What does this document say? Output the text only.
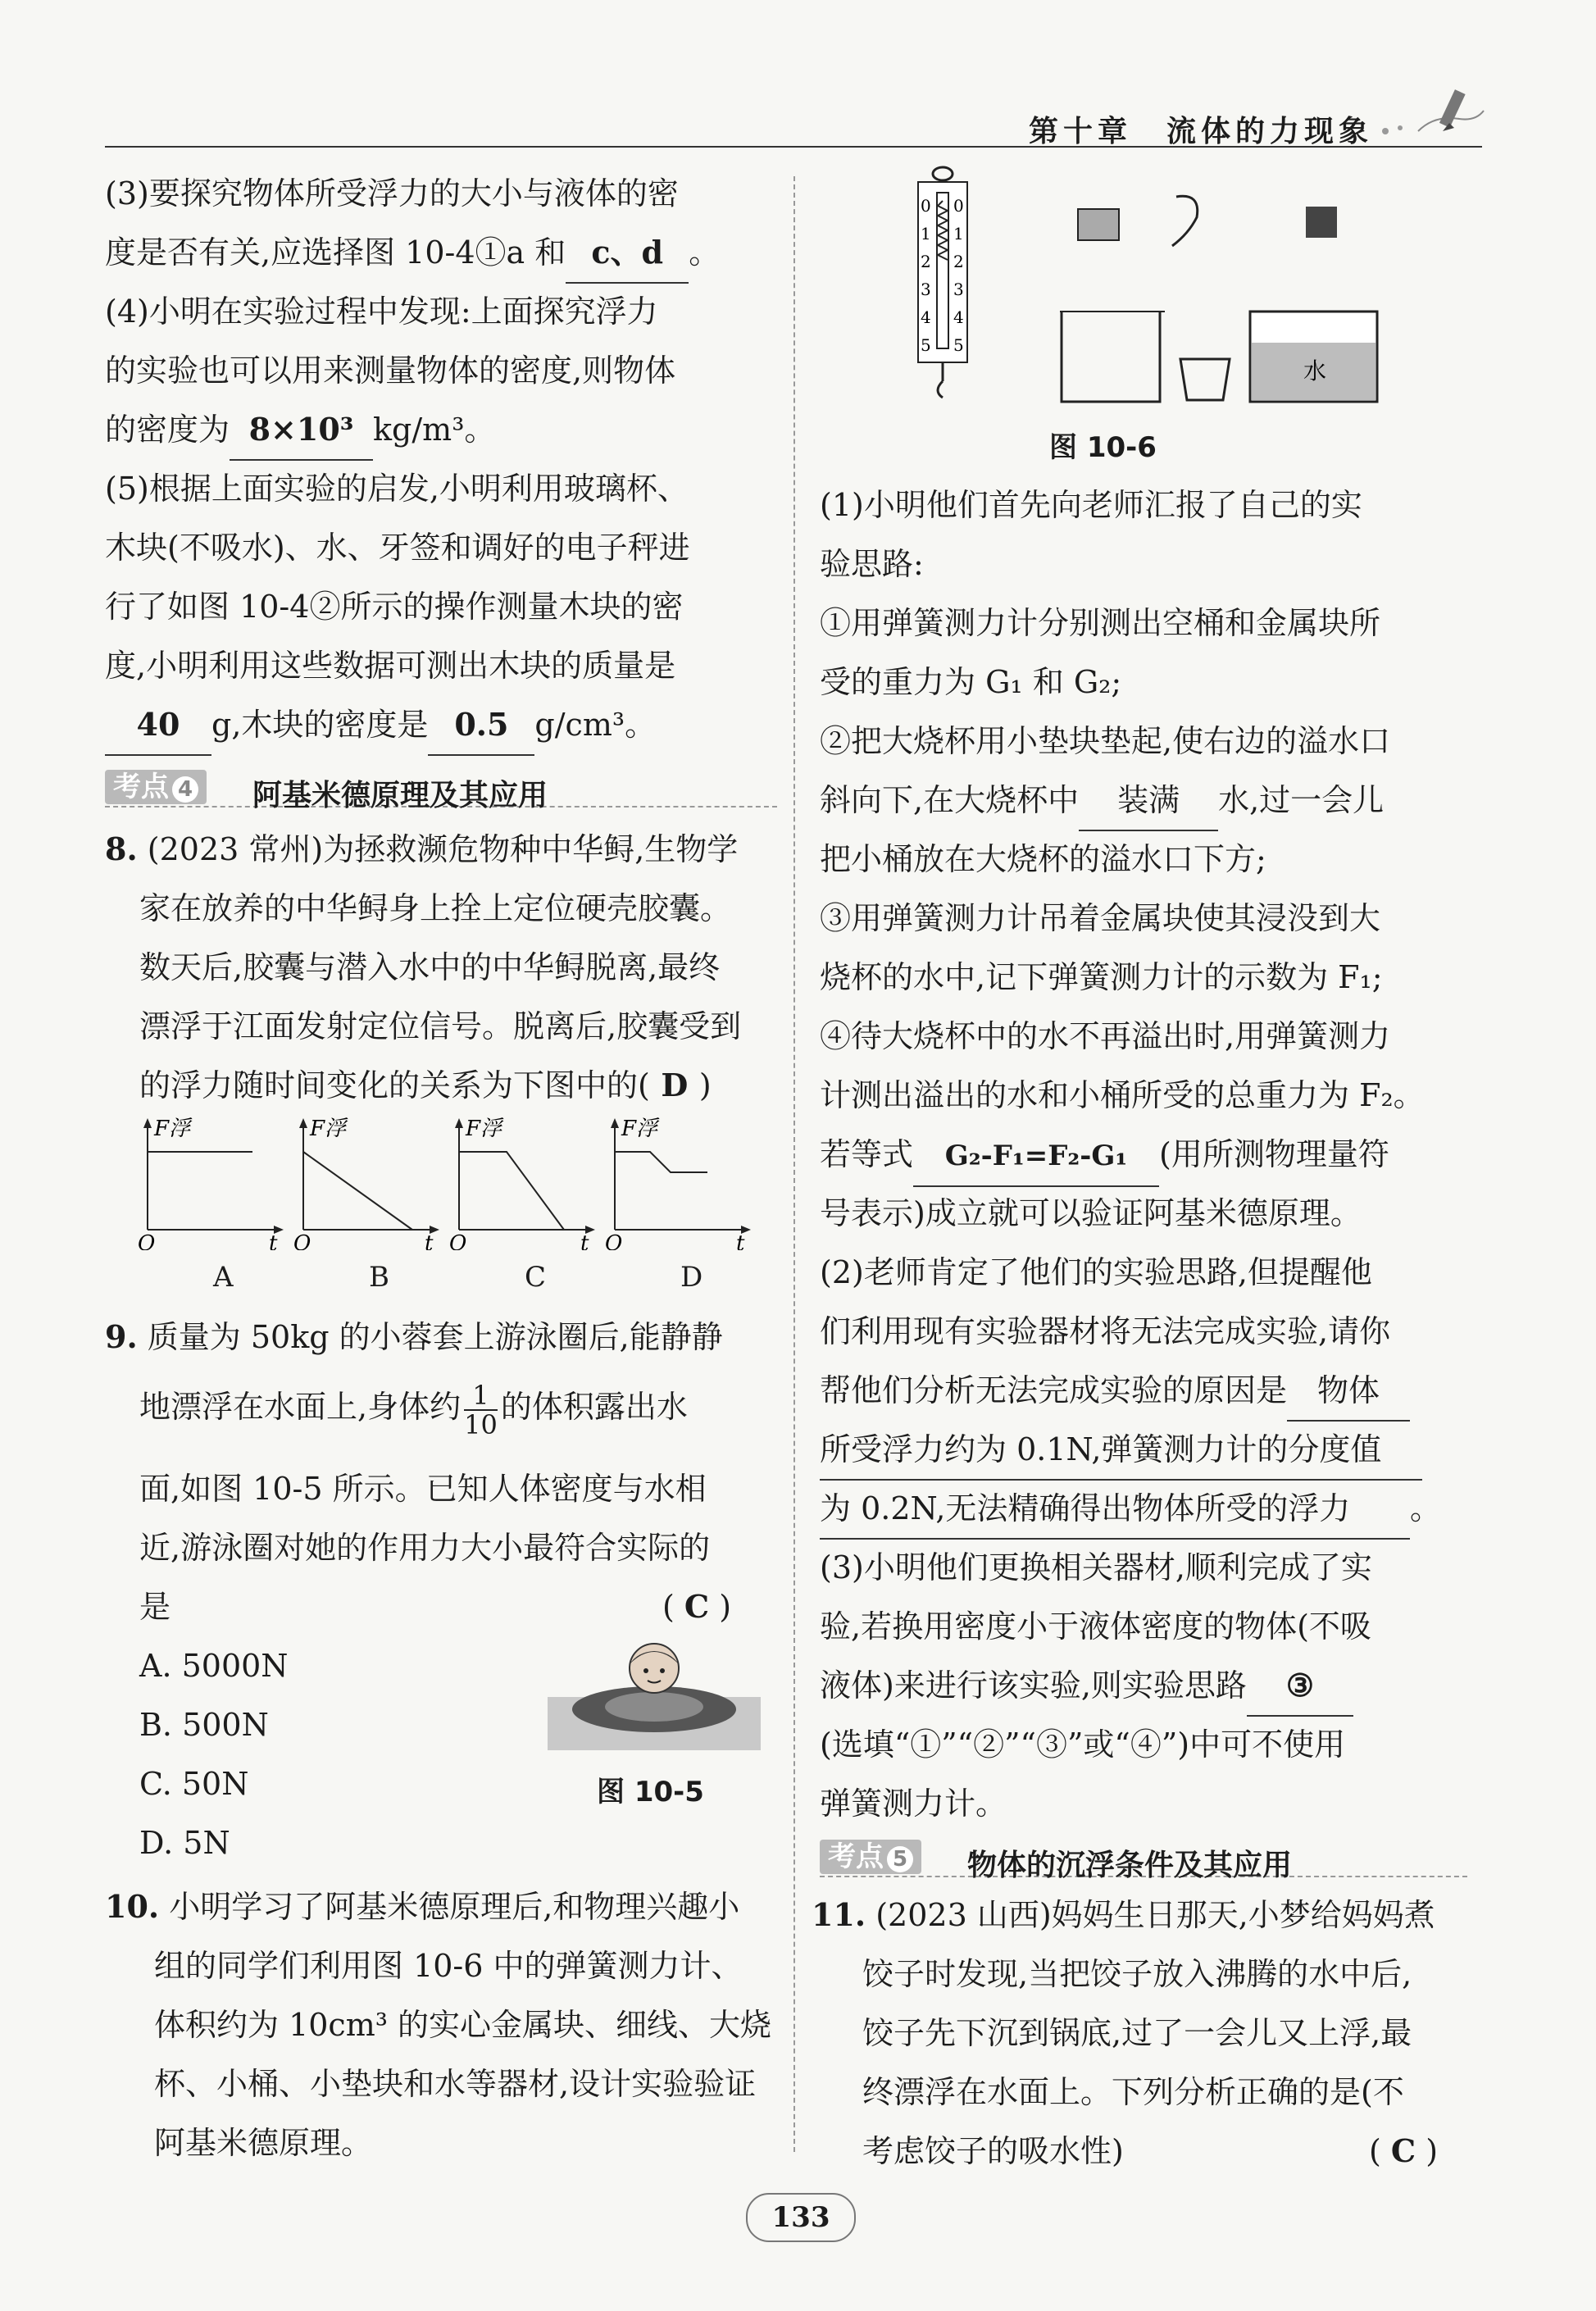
第十章　流体的力现象
(3)要探究物体所受浮力的大小与液体的密
度是否有关,应选择图 10-4①a 和 c、d 。
(4)小明在实验过程中发现:上面探究浮力
的实验也可以用来测量物体的密度,则物体
的密度为 8×10³ kg/m³。
(5)根据上面实验的启发,小明利用玻璃杯、
木块(不吸水)、水、牙签和调好的电子秤进
行了如图 10-4②所示的操作测量木块的密
度,小明利用这些数据可测出木块的质量是
40 g,木块的密度是 0.5 g/cm³。
考点 4	阿基米德原理及其应用
8. (2023 常州)为拯救濒危物种中华鲟,生物学
家在放养的中华鲟身上拴上定位硬壳胶囊。
数天后,胶囊与潜入水中的中华鲟脱离,最终
漂浮于江面发射定位信号。脱离后,胶囊受到
的浮力随时间变化的关系为下图中的( D )
F浮
O	t
F浮
O	t
F浮
O	t
F浮
O	t
A	B	C	D
9. 质量为 50kg 的小蓉套上游泳圈后,能静静
地漂浮在水面上,身体约 $\frac{1}{10}$ 的体积露出水
面,如图 10-5 所示。已知人体密度与水相
近,游泳圈对她的作用力大小最符合实际的
是	( C )
A. 5000N
B. 500N
C. 50N
D. 5N
图 10-5
10. 小明学习了阿基米德原理后,和物理兴趣小
组的同学们利用图 10-6 中的弹簧测力计、
体积约为 10cm³ 的实心金属块、细线、大烧
杯、小桶、小垫块和水等器材,设计实验验证
阿基米德原理。
0 0
1 1
2 2
3 3
4 4
5 5
水
图 10-6
(1)小明他们首先向老师汇报了自己的实
验思路:
①用弹簧测力计分别测出空桶和金属块所
受的重力为 G₁ 和 G₂;
②把大烧杯用小垫块垫起,使右边的溢水口
斜向下,在大烧杯中 装满 水,过一会儿
把小桶放在大烧杯的溢水口下方;
③用弹簧测力计吊着金属块使其浸没到大
烧杯的水中,记下弹簧测力计的示数为 F₁;
④待大烧杯中的水不再溢出时,用弹簧测力
计测出溢出的水和小桶所受的总重力为 F₂。
若等式 G₂-F₁=F₂-G₁ (用所测物理量符
号表示)成立就可以验证阿基米德原理。
(2)老师肯定了他们的实验思路,但提醒他
们利用现有实验器材将无法完成实验,请你
帮他们分析无法完成实验的原因是 物体
所受浮力约为 0.1N,弹簧测力计的分度值
为 0.2N,无法精确得出物体所受的浮力 。
(3)小明他们更换相关器材,顺利完成了实
验,若换用密度小于液体密度的物体(不吸
液体)来进行该实验,则实验思路 ③
(选填“①”“②”“③”或“④”)中可不使用
弹簧测力计。
考点 5	物体的沉浮条件及其应用
11. (2023 山西)妈妈生日那天,小梦给妈妈煮
饺子时发现,当把饺子放入沸腾的水中后,
饺子先下沉到锅底,过了一会儿又上浮,最
终漂浮在水面上。下列分析正确的是(不
考虑饺子的吸水性)	( C )
133
